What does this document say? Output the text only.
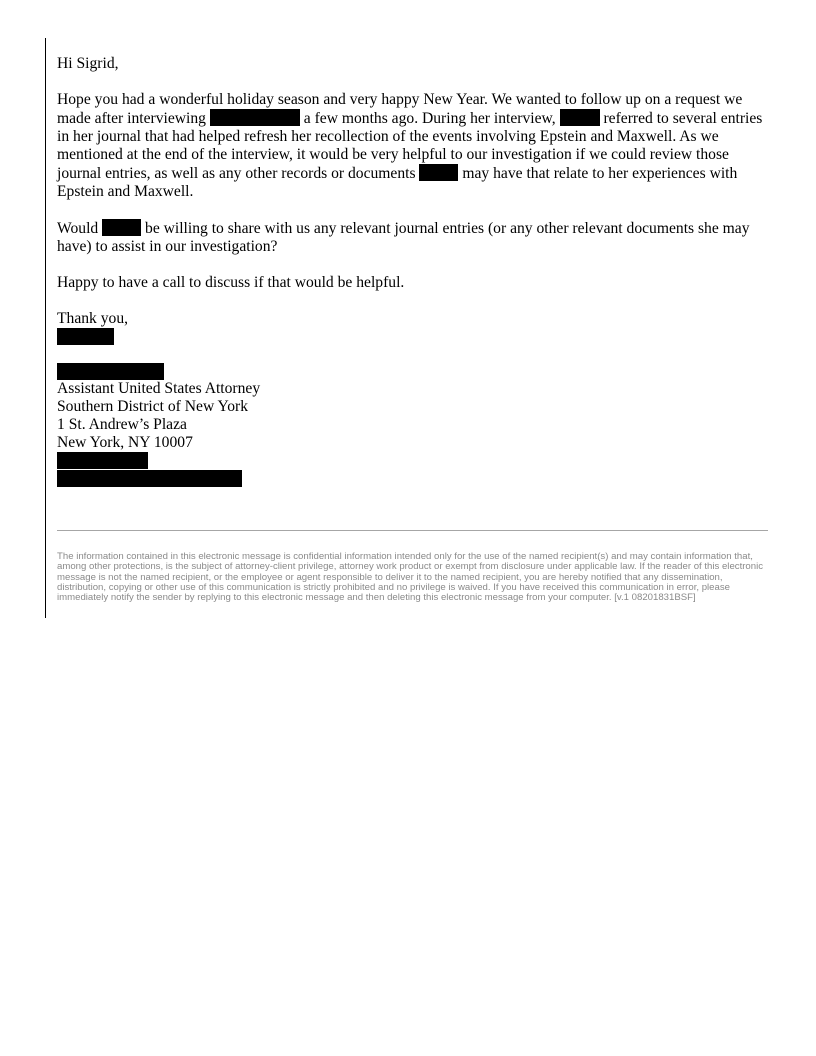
Hi Sigrid,

Hope you had a wonderful holiday season and very happy New Year. We wanted to follow up on a request we made after interviewing	a few months ago. During her interview,	referred to several entries in her journal that had helped refresh her recollection of the events involving Epstein and Maxwell. As we mentioned at the end of the interview, it would be very helpful to our investigation if we could review those journal entries, as well as any other records or documents	may have that relate to her experiences with Epstein and Maxwell.

Would	be willing to share with us any relevant journal entries (or any other relevant documents she may have) to assist in our investigation?

Happy to have a call to discuss if that would be helpful.

Thank you,

Assistant United States Attorney

Southern District of New York

1 St. Andrew’s Plaza

New York, NY 10007

The information contained in this electronic message is confidential information intended only for the use of the named recipient(s) and may contain information that, among other protections, is the subject of attorney-client privilege, attorney work product or exempt from disclosure under applicable law. If the reader of this electronic message is not the named recipient, or the employee or agent responsible to deliver it to the named recipient, you are hereby notified that any dissemination, distribution, copying or other use of this communication is strictly prohibited and no privilege is waived. If you have received this communication in error, please immediately notify the sender by replying to this electronic message and then deleting this electronic message from your computer. [v.1 08201831BSF]
